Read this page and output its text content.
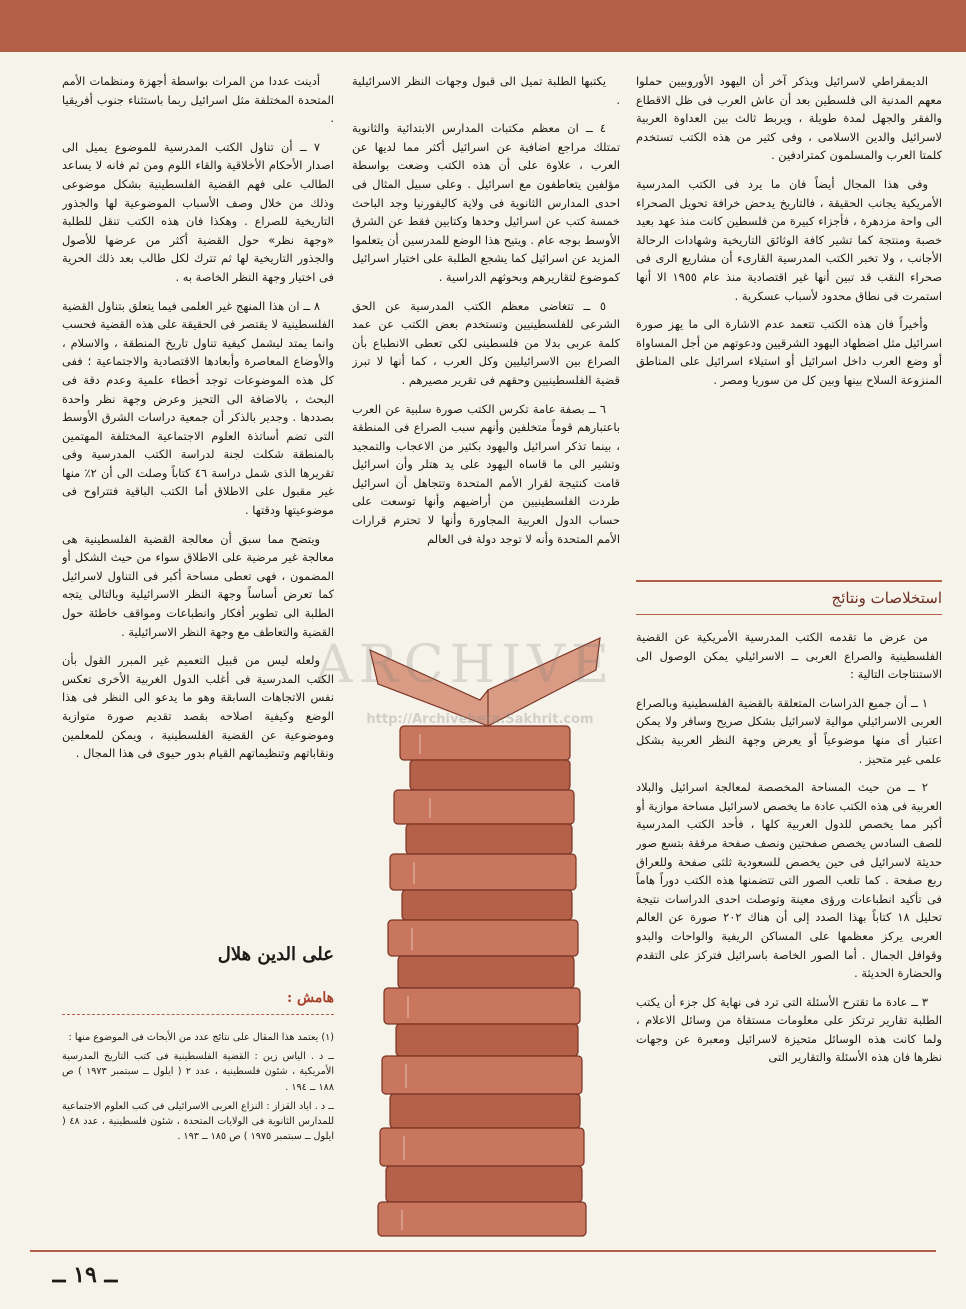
الديمقراطي لاسرائيل ويذكر آخر أن اليهود الأوروبيين حملوا معهم المدنية الى فلسطين بعد أن عاش العرب فى ظل الاقطاع والفقر والجهل لمدة طويلة ، ويربط ثالث بين العداوة العربية لاسرائيل والدين الاسلامى ، وفى كثير من هذه الكتب تستخدم كلمتا العرب والمسلمون كمترادفين .

وفى هذا المجال أيضاً فان ما يرد فى الكتب المدرسية الأمريكية يجانب الحقيقة ، فالتاريخ يدحض خرافة تحويل الصحراء الى واحة مزدهرة ، فأجزاء كبيرة من فلسطين كانت منذ عهد بعيد خصبة ومنتجة كما تشير كافة الوثائق التاريخية وشهادات الرحالة الأجانب ، ولا تخبر الكتب المدرسية القارىء أن مشاريع الرى فى صحراء النقب قد تبين أنها غير اقتصادية منذ عام ١٩٥٥ الا أنها استمرت فى نطاق محدود لأسباب عسكرية .

وأخيراً فان هذه الكتب تتعمد عدم الاشارة الى ما يهز صورة اسرائيل مثل اضطهاد اليهود الشرقيين ودعوتهم من أجل المساواة أو وضع العرب داخل اسرائيل أو استيلاء اسرائيل على المناطق المنزوعة السلاح بينها وبين كل من سوريا ومصر .

استخلاصات ونتائج

من عرض ما تقدمه الكتب المدرسية الأمريكية عن القضية الفلسطينية والصراع العربى ــ الاسرائيلي يمكن الوصول الى الاستنتاجات التالية :

١ ــ أن جميع الدراسات المتعلقة بالقضية الفلسطينية وبالصراع العربى الاسرائيلي موالية لاسرائيل بشكل صريح وسافر ولا يمكن اعتبار أى منها موضوعياً أو يعرض وجهة النظر العربية بشكل علمى غير متحيز .

٢ ــ من حيث المساحة المخصصة لمعالجة اسرائيل والبلاد العربية فى هذه الكتب عادة ما يخصص لاسرائيل مساحة موازية أو أكبر مما يخصص للدول العربية كلها ، فأحد الكتب المدرسية للصف السادس يخصص صفحتين ونصف صفحة مرفقة بتسع صور حديثة لاسرائيل فى حين يخصص للسعودية ثلثى صفحة وللعراق ربع صفحة . كما تلعب الصور التى تتضمنها هذه الكتب دوراً هاماً فى تأكيد انطباعات ورؤى معينة وتوصلت احدى الدراسات نتيجة تحليل ١٨ كتاباً بهذا الصدد إلى أن هناك ٢٠٢ صورة عن العالم العربى يركز معظمها على المساكن الريفية والواحات والبدو وقوافل الجمال . أما الصور الخاصة باسرائيل فتركز على التقدم والحضارة الحديثة .

٣ ــ عادة ما تقترح الأسئلة التى ترد فى نهاية كل جزء أن يكتب الطلبة تقارير ترتكز على معلومات مستقاة من وسائل الاعلام ، ولما كانت هذه الوسائل متحيزة لاسرائيل ومعبرة عن وجهات نظرها فان هذه الأسئلة والتقارير التى

يكتبها الطلبة تميل الى قبول وجهات النظر الاسرائيلية .

٤ ــ ان معظم مكتبات المدارس الابتدائية والثانوية تمتلك مراجع اضافية عن اسرائيل أكثر مما لديها عن العرب ، علاوة على أن هذه الكتب وضعت بواسطة مؤلفين يتعاطفون مع اسرائيل . وعلى سبيل المثال فى احدى المدارس الثانوية فى ولاية كاليفورنيا وجد الباحث خمسة كتب عن اسرائيل وحدها وكتابين فقط عن الشرق الأوسط بوجه عام . ويتيح هذا الوضع للمدرسين أن يتعلموا المزيد عن اسرائيل كما يشجع الطلبة على اختيار اسرائيل كموضوع لتقاريرهم وبحوثهم الدراسية .

٥ ــ تتغاضى معظم الكتب المدرسية عن الحق الشرعى للفلسطينيين وتستخدم بعض الكتب عن عمد كلمة عربى بدلا من فلسطينى لكى تعطى الانطباع بأن الصراع بين الاسرائيليين وكل العرب ، كما أنها لا تبرز قضية الفلسطينيين وحقهم فى تقرير مصيرهم .

٦ ــ بصفة عامة تكرس الكتب صورة سلبية عن العرب باعتبارهم قوماً متخلفين وأنهم سبب الصراع فى المنطقة ، بينما تذكر اسرائيل واليهود بكثير من الاعجاب والتمجيد وتشير الى ما قاساه اليهود على يد هتلر وأن اسرائيل قامت كنتيجة لقرار الأمم المتحدة وتتجاهل أن اسرائيل طردت الفلسطينيين من أراضيهم وأنها توسعت على حساب الدول العربية المجاورة وأنها لا تحترم قرارات الأمم المتحدة وأنه لا توجد دولة فى العالم

ARCHIVE
http://Archivebeta.Sakhrit.com

أدينت عددا من المرات بواسطة أجهزة ومنظمات الأمم المتحدة المختلفة مثل اسرائيل ربما باستثناء جنوب أفريقيا .

٧ ــ أن تناول الكتب المدرسية للموضوع يميل الى اصدار الأحكام الأخلاقية والقاء اللوم ومن ثم فانه لا يساعد الطالب على فهم القضية الفلسطينية بشكل موضوعى وذلك من خلال وصف الأسباب الموضوعية لها والجذور التاريخية للصراع . وهكذا فان هذه الكتب تنقل للطلبة «وجهة نظر» حول القضية أكثر من عرضها للأصول والجذور التاريخية لها ثم تترك لكل طالب بعد ذلك الحرية فى اختيار وجهة النظر الخاصة به .

٨ ــ ان هذا المنهج غير العلمى فيما يتعلق بتناول القضية الفلسطينية لا يقتصر فى الحقيقة على هذه القضية فحسب وانما يمتد ليشمل كيفية تناول تاريخ المنطقة ، والاسلام ، والأوضاع المعاصرة وأبعادها الاقتصادية والاجتماعية ؛ ففى كل هذه الموضوعات توجد أخطاء علمية وعدم دقة فى البحث ، بالاضافة الى التحيز وعرض وجهة نظر واحدة بصددها . وجدير بالذكر أن جمعية دراسات الشرق الأوسط التى تضم أساتذة العلوم الاجتماعية المختلفة المهتمين بالمنطقة شكلت لجنة لدراسة الكتب المدرسية وفى تقريرها الذى شمل دراسة ٤٦ كتاباً وصلت الى أن ٢٪ منها غير مقبول على الاطلاق أما الكتب الباقية فتتراوح فى موضوعيتها ودقتها .

ويتضح مما سبق أن معالجة القضية الفلسطينية هى معالجة غير مرضية على الاطلاق سواء من حيث الشكل أو المضمون ، فهى تعطى مساحة أكبر فى التناول لاسرائيل كما تعرض أساساً وجهة النظر الاسرائيلية وبالتالى يتجه الطلبة الى تطوير أفكار وانطباعات ومواقف خاطئة حول القضية والتعاطف مع وجهة النظر الاسرائيلية .

ولعله ليس من قبيل التعميم غير المبرر القول بأن الكتب المدرسية فى أغلب الدول الغربية الأخرى تعكس نفس الاتجاهات السابقة وهو ما يدعو الى النظر فى هذا الوضع وكيفية اصلاحه بقصد تقديم صورة متوازية وموضوعية عن القضية الفلسطينية ، ويمكن للمعلمين ونقاباتهم وتنظيماتهم القيام بدور حيوى فى هذا المجال .

على الدين هلال
هامش :

(١) يعتمد هذا المقال على نتائج عدد من الأبحاث فى الموضوع منها :

ــ د . الياس زين : القضية الفلسطينية فى كتب التاريخ المدرسية الأمريكية ، شئون فلسطينية ، عدد ٢ ( ايلول ــ سبتمبر ١٩٧٣ ) ص ١٨٨ ــ ١٩٤ .

ــ د . اياد القزاز : النزاع العربى الاسرائيلى فى كتب العلوم الاجتماعية للمدارس الثانوية فى الولايات المتحدة ، شئون فلسطينية ، عدد ٤٨ ( ايلول ــ سبتمبر ١٩٧٥ ) ص ١٨٥ ــ ١٩٣ .

ــ ١٩ ــ
